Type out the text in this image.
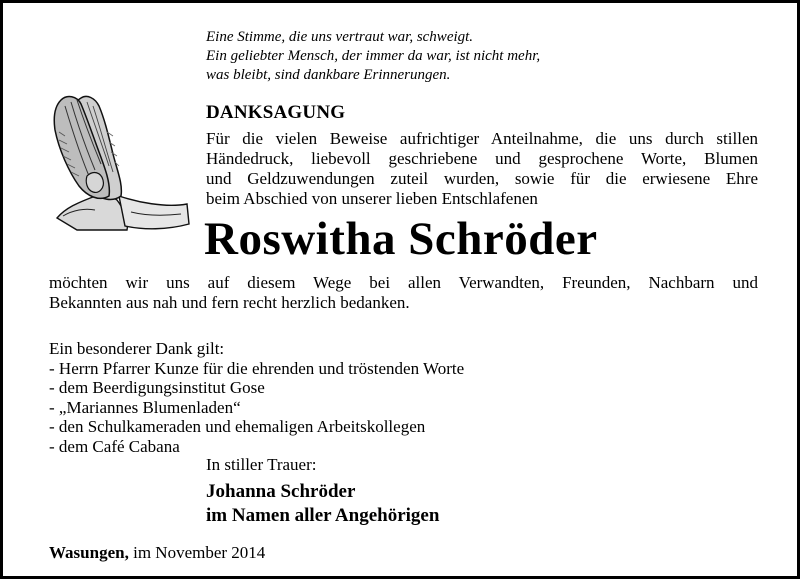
Eine Stimme, die uns vertraut war, schweigt.
Ein geliebter Mensch, der immer da war, ist nicht mehr,
was bleibt, sind dankbare Erinnerungen.
DANKSAGUNG
Für die vielen Beweise aufrichtiger Anteilnahme, die uns durch stillen
Händedruck, liebevoll geschriebene und gesprochene Worte, Blumen
und Geldzuwendungen zuteil wurden, sowie für die erwiesene Ehre
beim Abschied von unserer lieben Entschlafenen
Roswitha Schröder
möchten wir uns auf diesem Wege bei allen Verwandten, Freunden, Nachbarn und
Bekannten aus nah und fern recht herzlich bedanken.
Ein besonderer Dank gilt:
- Herrn Pfarrer Kunze für die ehrenden und tröstenden Worte
- dem Beerdigungsinstitut Gose
- „Mariannes Blumenladen“
- den Schulkameraden und ehemaligen Arbeitskollegen
- dem Café Cabana
In stiller Trauer:
Johanna Schröder
im Namen aller Angehörigen
Wasungen, im November 2014
